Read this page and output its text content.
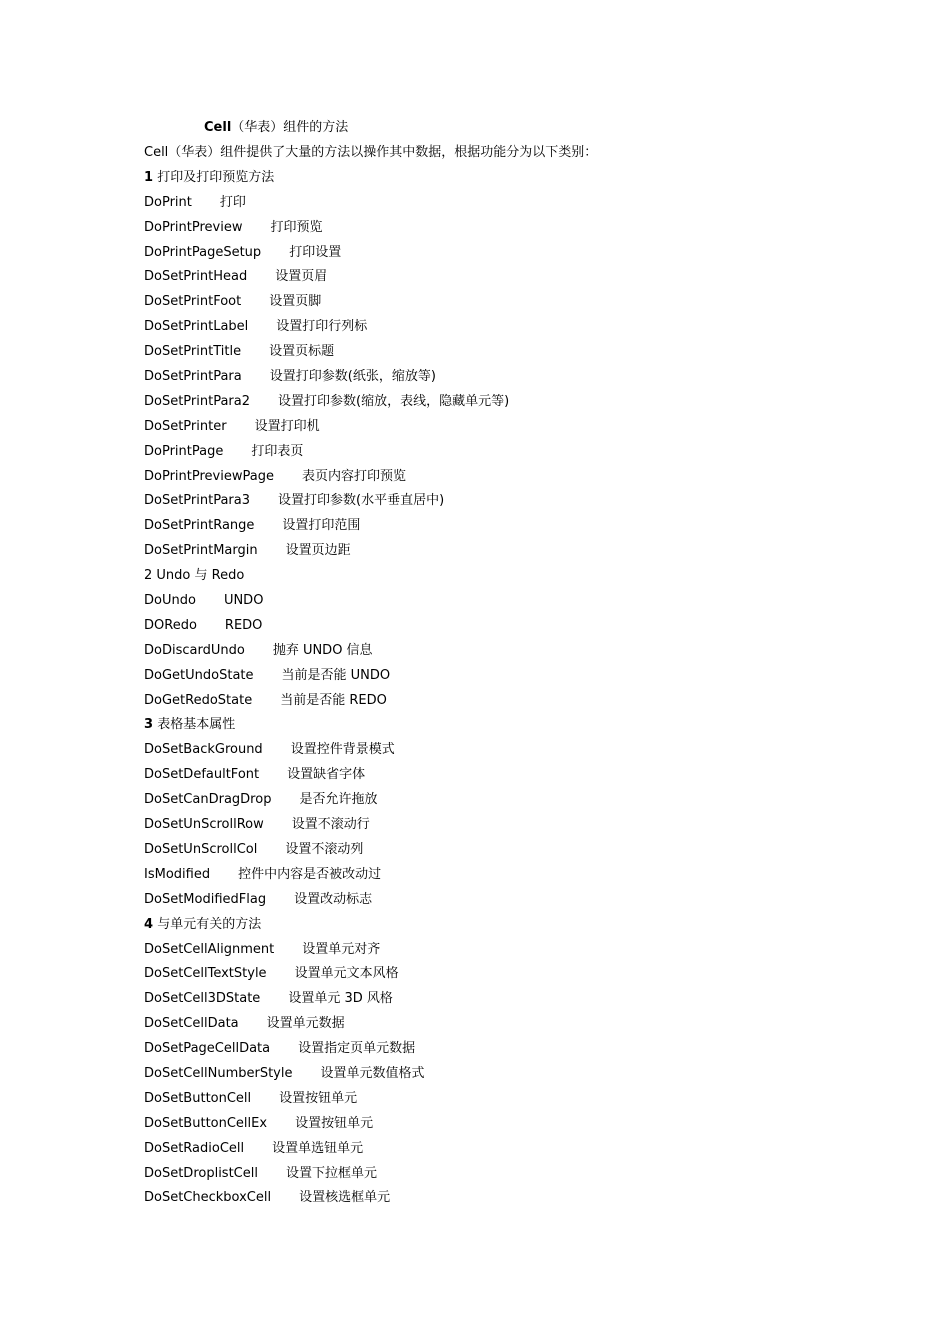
Cell（华表）组件的方法
Cell（华表）组件提供了大量的方法以操作其中数据，根据功能分为以下类别：
1 打印及打印预览方法
DoPrint 打印
DoPrintPreview 打印预览
DoPrintPageSetup 打印设置
DoSetPrintHead 设置页眉
DoSetPrintFoot 设置页脚
DoSetPrintLabel 设置打印行列标
DoSetPrintTitle 设置页标题
DoSetPrintPara 设置打印参数(纸张，缩放等)
DoSetPrintPara2 设置打印参数(缩放，表线，隐藏单元等)
DoSetPrinter 设置打印机
DoPrintPage 打印表页
DoPrintPreviewPage 表页内容打印预览
DoSetPrintPara3 设置打印参数(水平垂直居中)
DoSetPrintRange 设置打印范围
DoSetPrintMargin 设置页边距
2 Undo 与 Redo
DoUndo UNDO
DORedo REDO
DoDiscardUndo 抛弃 UNDO 信息
DoGetUndoState 当前是否能 UNDO
DoGetRedoState 当前是否能 REDO
3 表格基本属性
DoSetBackGround 设置控件背景模式
DoSetDefaultFont 设置缺省字体
DoSetCanDragDrop 是否允许拖放
DoSetUnScrollRow 设置不滚动行
DoSetUnScrollCol 设置不滚动列
IsModified 控件中内容是否被改动过
DoSetModifiedFlag 设置改动标志
4 与单元有关的方法
DoSetCellAlignment 设置单元对齐
DoSetCellTextStyle 设置单元文本风格
DoSetCell3DState 设置单元 3D 风格
DoSetCellData 设置单元数据
DoSetPageCellData 设置指定页单元数据
DoSetCellNumberStyle 设置单元数值格式
DoSetButtonCell 设置按钮单元
DoSetButtonCellEx 设置按钮单元
DoSetRadioCell 设置单选钮单元
DoSetDroplistCell 设置下拉框单元
DoSetCheckboxCell 设置核选框单元
